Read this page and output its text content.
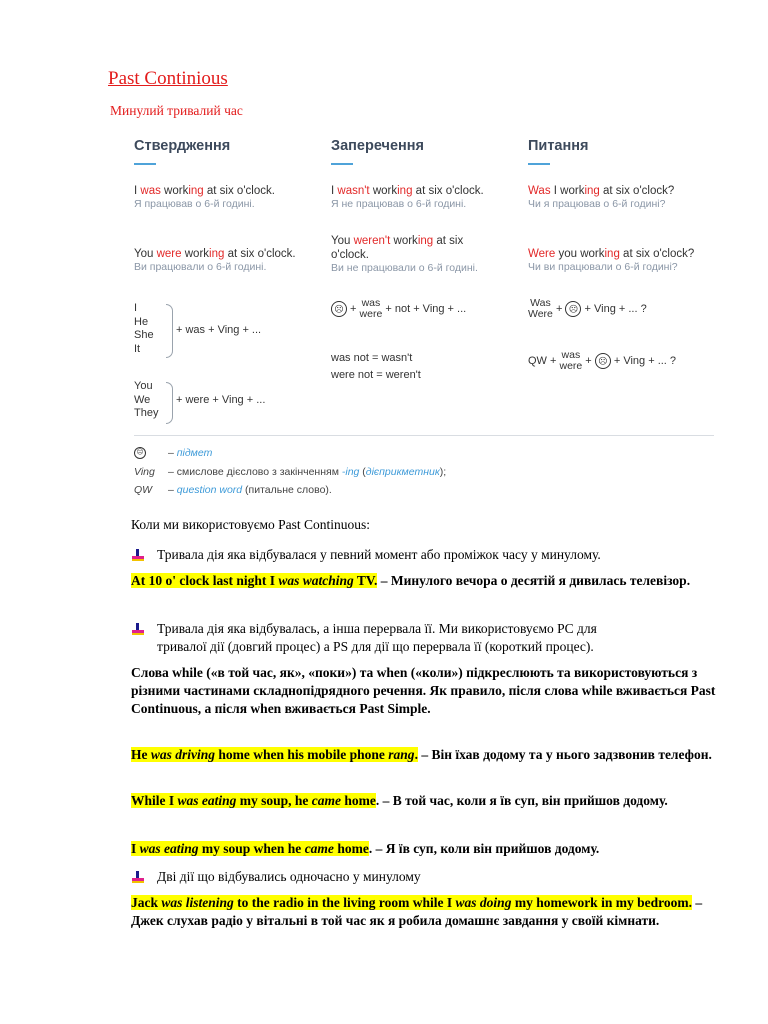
Past Continious

Минулий тривалий час

Ствердження
I was working at six o'clock.
Я працював о 6-й годині.
You were working at six o'clock.
Ви працювали о 6-й годині.
I
He
She
It
+ was + Ving + ...
You
We
They
+ were + Ving + ...
Заперечення
I wasn't working at six o'clock.
Я не працював о 6-й годині.
You weren't working at six
o'clock.
Ви не працювали о 6-й годині.
☹ + was
were + not + Ving + ...
was not = wasn't
were not = weren't
Питання
Was I working at six o'clock?
Чи я працював о 6-й годині?
Were you working at six o'clock?
Чи ви працювали о 6-й годині?
Was
Were + ☹ + Ving + ... ?
QW + was
were + ☹ + Ving + ... ?
☹ – підмет
Ving – смислове дієслово з закінченням -ing (дієприкметник);
QW – question word (питальне слово).

Коли ми використовуємо Past Continuous:

Тривала дія яка відбувалася у певний момент або проміжок часу у минулому.

At 10 o' clock last night I was watching TV. – Минулого вечора о десятій я дивилась телевізор.

Тривала дія яка відбувалась, а інша перервала її. Ми використовуємо PC для
тривалої дії (довгий процес) а PS для дії що перервала її (короткий процес).

Слова while («в той час, як», «поки») та when («коли») підкреслюють та використовуються з різними частинами складнопідрядного речення. Як правило, після слова while вживається Past Continuous, а після when вживається Past Simple.

He was driving home when his mobile phone rang. – Він їхав додому та у нього задзвонив телефон.

While I was eating my soup, he came home. – В той час, коли я їв суп, він прийшов додому.

I was eating my soup when he came home. – Я їв суп, коли він прийшов додому.

Дві дії що відбувались одночасно у минулому

Jack was listening to the radio in the living room while I was doing my homework in my bedroom. – Джек слухав радіо у вітальні в той час як я робила домашнє завдання у своїй кімнати.
